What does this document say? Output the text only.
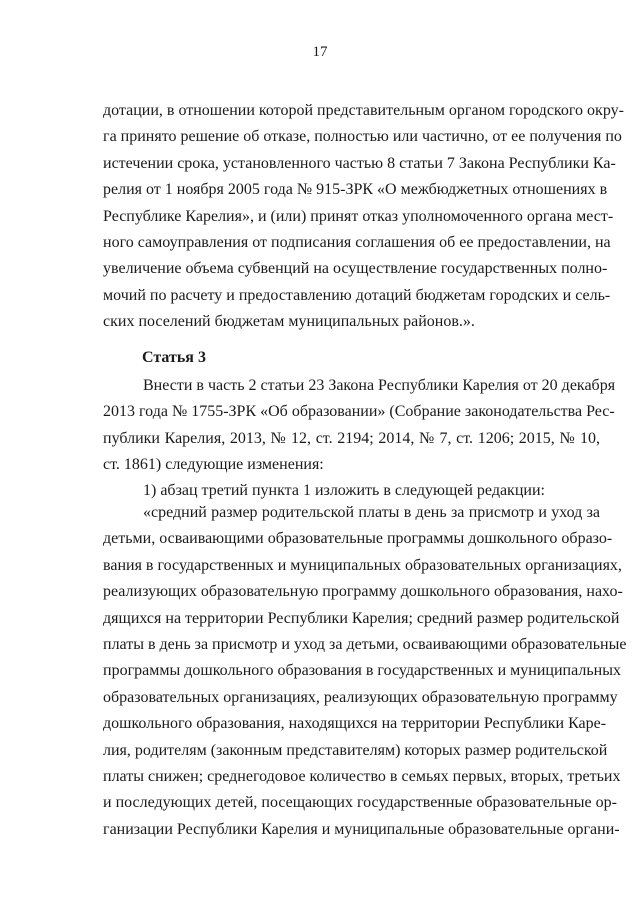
17
дотации, в отношении которой представительным органом городского окру-
га принято решение об отказе, полностью или частично, от ее получения по
истечении срока, установленного частью 8 статьи 7 Закона Республики Ка-
релия от 1 ноября 2005 года № 915-ЗРК «О межбюджетных отношениях в
Республике Карелия», и (или) принят отказ уполномоченного органа мест-
ного самоуправления от подписания соглашения об ее предоставлении, на
увеличение объема субвенций на осуществление государственных полно-
мочий по расчету и предоставлению дотаций бюджетам городских и сель-
ских поселений бюджетам муниципальных районов.».
Статья 3
Внести в часть 2 статьи 23 Закона Республики Карелия от 20 декабря
2013 года № 1755-ЗРК «Об образовании» (Собрание законодательства Рес-
публики Карелия, 2013, № 12, ст. 2194; 2014, № 7, ст. 1206; 2015, № 10,
ст. 1861) следующие изменения:
1) абзац третий пункта 1 изложить в следующей редакции:
«средний размер родительской платы в день за присмотр и уход за
детьми, осваивающими образовательные программы дошкольного образо-
вания в государственных и муниципальных образовательных организациях,
реализующих образовательную программу дошкольного образования, нахо-
дящихся на территории Республики Карелия; средний размер родительской
платы в день за присмотр и уход за детьми, осваивающими образовательные
программы дошкольного образования в государственных и муниципальных
образовательных организациях, реализующих образовательную программу
дошкольного образования, находящихся на территории Республики Каре-
лия, родителям (законным представителям) которых размер родительской
платы снижен; среднегодовое количество в семьях первых, вторых, третьих
и последующих детей, посещающих государственные образовательные ор-
ганизации Республики Карелия и муниципальные образовательные органи-
